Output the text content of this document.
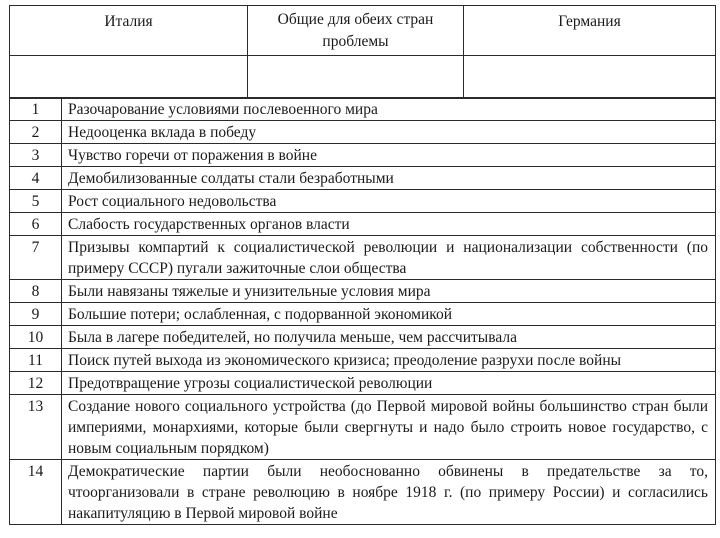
Италия	Общие для обеих стран проблемы	Германия

1	Разочарование условиями послевоенного мира
2	Недооценка вклада в победу
3	Чувство горечи от поражения в войне
4	Демобилизованные солдаты стали безработными
5	Рост социального недовольства
6	Слабость государственных органов власти
7	Призывы компартий к социалистической революции и национализации собственности (по примеру СССР) пугали зажиточные слои общества
8	Были навязаны тяжелые и унизительные условия мира
9	Большие потери; ослабленная, с подорванной экономикой
10	Была в лагере победителей, но получила меньше, чем рассчитывала
11	Поиск путей выхода из экономического кризиса; преодоление разрухи после войны
12	Предотвращение угрозы социалистической революции
13	Создание нового социального устройства (до Первой мировой войны большинство стран были империями, монархиями, которые были свергнуты и надо было строить новое государство, с новым социальным порядком)
14	Демократические партии были необоснованно обвинены в предательстве за то, чтоорганизовали в стране революцию в ноябре 1918 г. (по примеру России) и согласились накапитуляцию в Первой мировой войне
